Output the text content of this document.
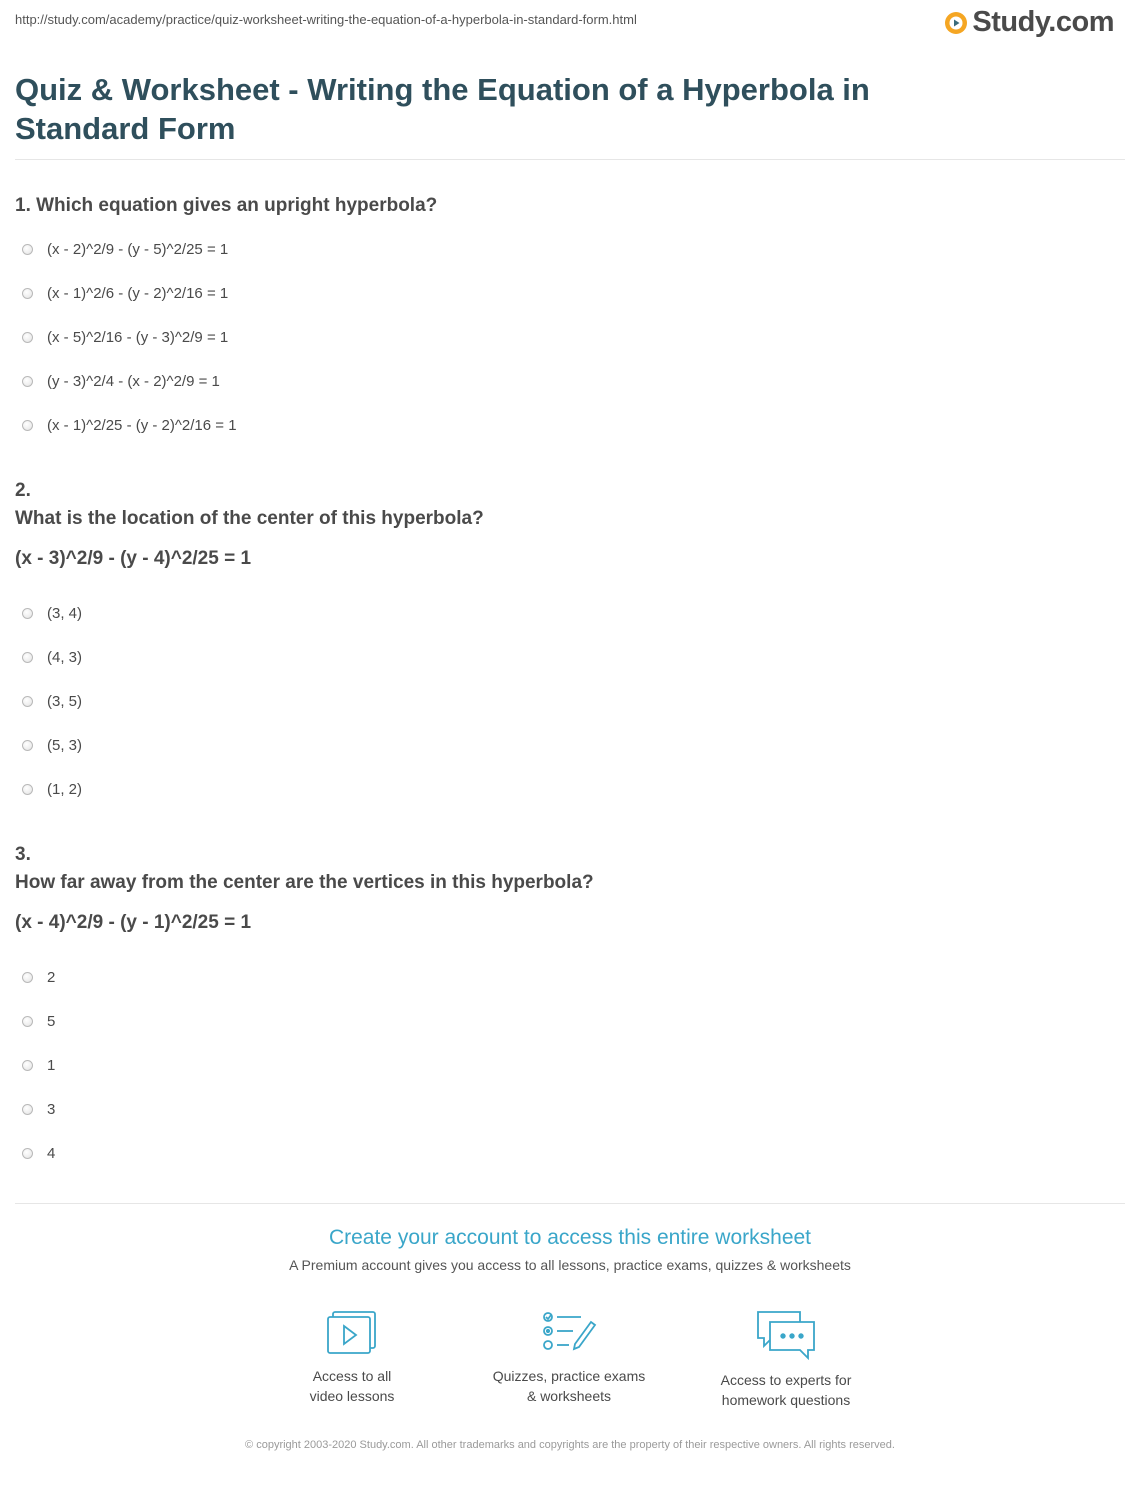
http://study.com/academy/practice/quiz-worksheet-writing-the-equation-of-a-hyperbola-in-standard-form.html	Study.com
Quiz & Worksheet - Writing the Equation of a Hyperbola in Standard Form
1. Which equation gives an upright hyperbola?
(x - 2)^2/9 - (y - 5)^2/25 = 1
(x - 1)^2/6 - (y - 2)^2/16 = 1
(x - 5)^2/16 - (y - 3)^2/9 = 1
(y - 3)^2/4 - (x - 2)^2/9 = 1
(x - 1)^2/25 - (y - 2)^2/16 = 1
2.
What is the location of the center of this hyperbola?
(x - 3)^2/9 - (y - 4)^2/25 = 1
(3, 4)
(4, 3)
(3, 5)
(5, 3)
(1, 2)
3.
How far away from the center are the vertices in this hyperbola?
(x - 4)^2/9 - (y - 1)^2/25 = 1
2
5
1
3
4
Create your account to access this entire worksheet
A Premium account gives you access to all lessons, practice exams, quizzes & worksheets
Access to all
video lessons
Quizzes, practice exams
& worksheets
Access to experts for
homework questions
© copyright 2003-2020 Study.com. All other trademarks and copyrights are the property of their respective owners. All rights reserved.
